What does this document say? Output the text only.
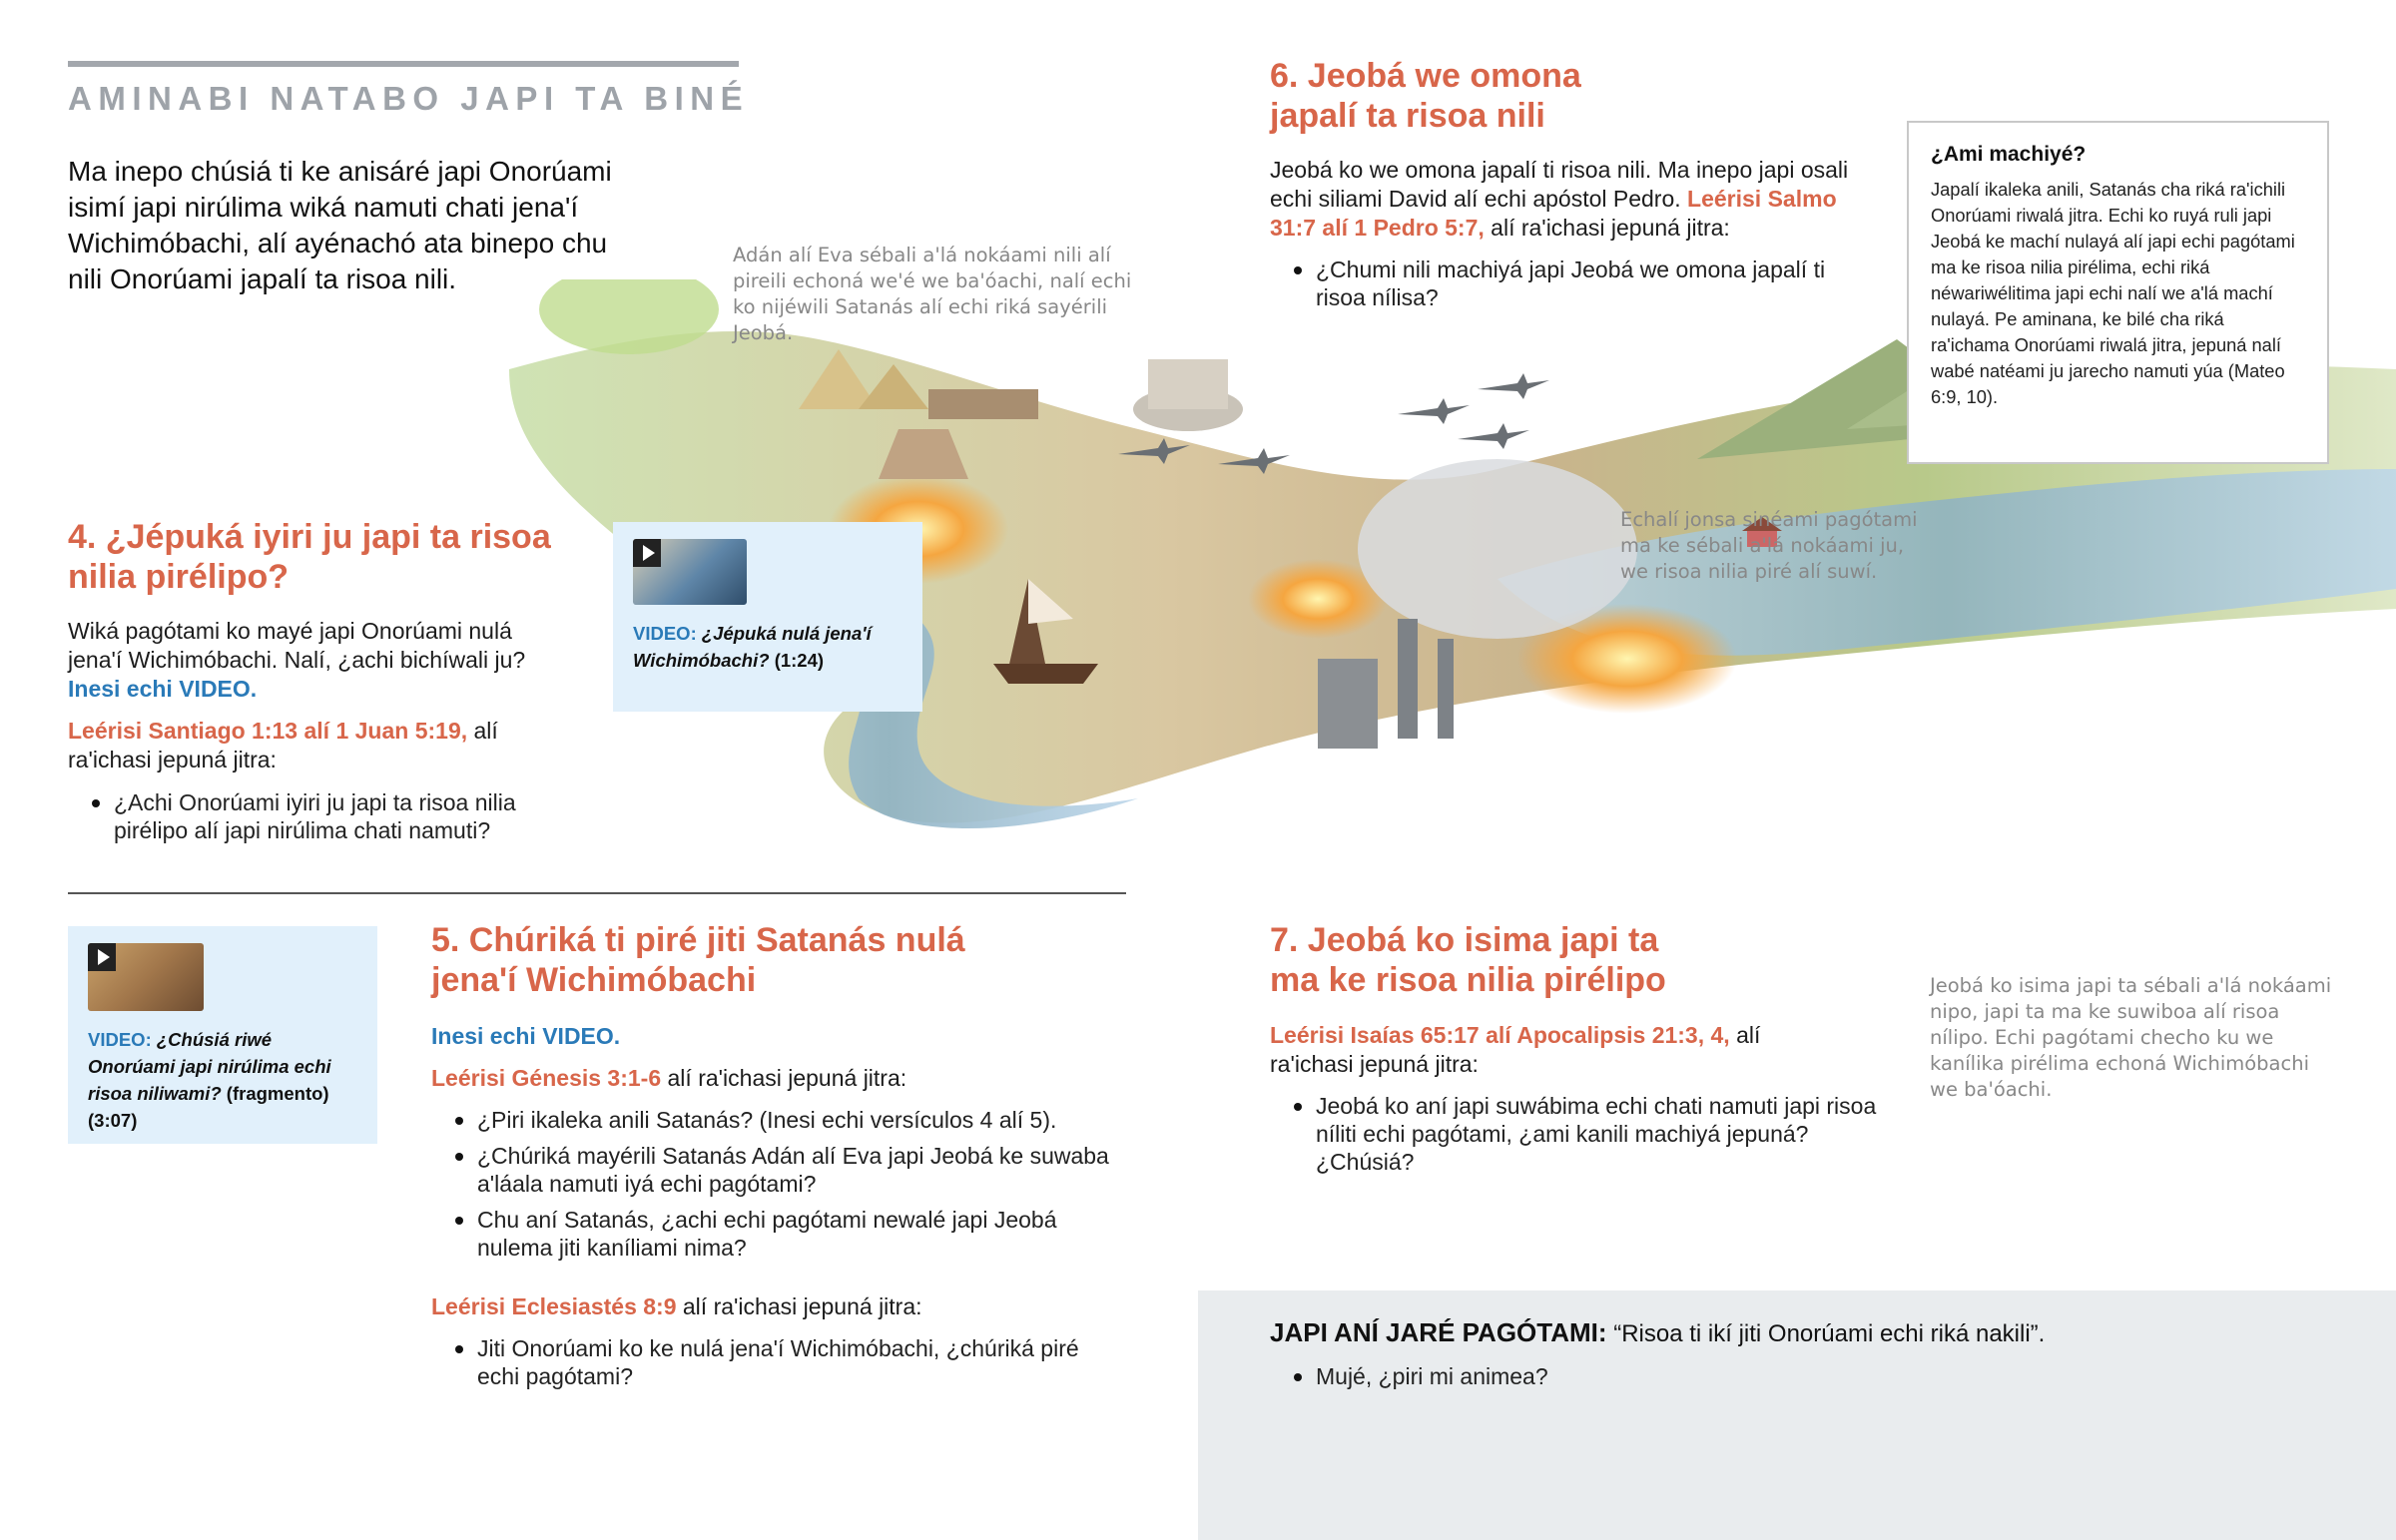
AMINABI NATABO JAPI TA BINÉ
Ma inepo chúsiá ti ke anisáré japi Onorúami isimí japi nirúlima wiká namuti chati jena'í Wichimóbachi, alí ayénachó ata binepo chu nili Onorúami japalí ta risoa nili.
Adán alí Eva sébali a'lá nokáami nili alí pireili echoná we'é we ba'óachi, nalí echi ko nijéwili Satanás alí echi riká sayérili Jeobá.
Echalí jonsa sinéami pagótami ma ke sébali a'lá nokáami ju, we risoa nilia piré alí suwí.
Jeobá ko isima japi ta sébali a'lá nokáami nipo, japi ta ma ke suwiboa alí risoa nílipo. Echi pagótami checho ku we kanílika pirélima echoná Wichimóbachi we ba'óachi.
4. ¿Jépuká iyiri ju japi ta risoa nilia pirélipo?
Wiká pagótami ko mayé japi Onorúami nulá jena'í Wichimóbachi. Nalí, ¿achi bichíwali ju?
Inesi echi VIDEO.
Leérisi Santiago 1:13 alí 1 Juan 5:19, alí ra'ichasi jepuná jitra:
¿Achi Onorúami iyiri ju japi ta risoa nilia pirélipo alí japi nirúlima chati namuti?
VIDEO: ¿Jépuká nulá jena'í Wichimóbachi? (1:24)
VIDEO: ¿Chúsiá riwé Onorúami japi nirúlima echi risoa niliwami? (fragmento) (3:07)
5. Chúriká ti piré jiti Satanás nulá jena'í Wichimóbachi
Inesi echi VIDEO.
Leérisi Génesis 3:1-6 alí ra'ichasi jepuná jitra:
¿Piri ikaleka anili Satanás? (Inesi echi versículos 4 alí 5).
¿Chúriká mayérili Satanás Adán alí Eva japi Jeobá ke suwaba a'láala namuti iyá echi pagótami?
Chu aní Satanás, ¿achi echi pagótami newalé japi Jeobá nulema jiti kaníliami nima?
Leérisi Eclesiastés 8:9 alí ra'ichasi jepuná jitra:
Jiti Onorúami ko ke nulá jena'í Wichimóbachi, ¿chúriká piré echi pagótami?
6. Jeobá we omona japalí ta risoa nili
Jeobá ko we omona japalí ti risoa nili. Ma inepo japi osali echi siliami David alí echi apóstol Pedro. Leérisi Salmo 31:7 alí 1 Pedro 5:7, alí ra'ichasi jepuná jitra:
¿Chumi nili machiyá japi Jeobá we omona japalí ti risoa nílisa?
¿Ami machiyé?

Japalí ikaleka anili, Satanás cha riká ra'ichili Onorúami riwalá jitra. Echi ko ruyá ruli japi Jeobá ke machí nulayá alí japi echi pagótami ma ke risoa nilia pirélima, echi riká néwariwélitima japi echi nalí we a'lá machí nulayá. Pe aminana, ke bilé cha riká ra'ichama Onorúami riwalá jitra, jepuná nalí wabé natéami ju jarecho namuti yúa (Mateo 6:9, 10).

7. Jeobá ko isima japi ta ma ke risoa nilia pirélipo
Leérisi Isaías 65:17 alí Apocalipsis 21:3, 4, alí ra'ichasi jepuná jitra:
Jeobá ko aní japi suwábima echi chati namuti japi risoa níliti echi pagótami, ¿ami kanili machiyá jepuná? ¿Chúsiá?
JAPI ANÍ JARÉ PAGÓTAMI: “Risoa ti ikí jiti Onorúami echi riká nakili”.
Mujé, ¿piri mi animea?
